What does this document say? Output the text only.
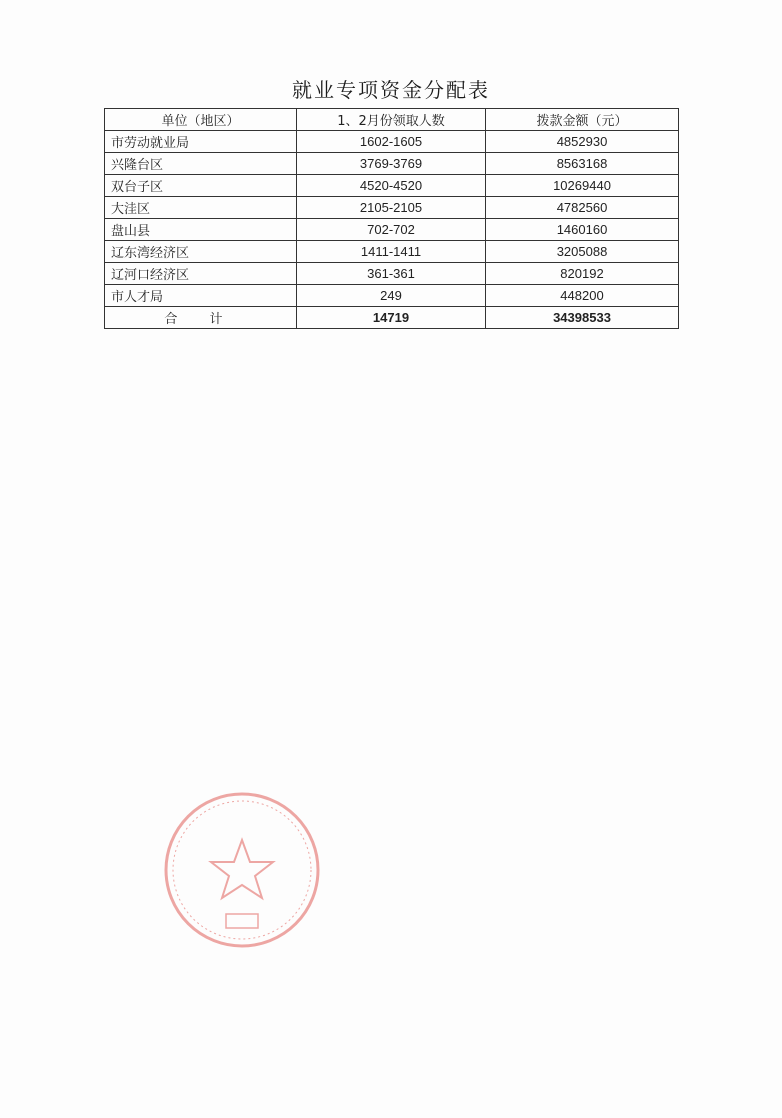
就业专项资金分配表
单位（地区）	1、2月份领取人数	拨款金额（元）
市劳动就业局	1602-1605	4852930
兴隆台区	3769-3769	8563168
双台子区	4520-4520	10269440
大洼区	2105-2105	4782560
盘山县	702-702	1460160
辽东湾经济区	1411-1411	3205088
辽河口经济区	361-361	820192
市人才局	249	448200
合 计	14719	34398533
